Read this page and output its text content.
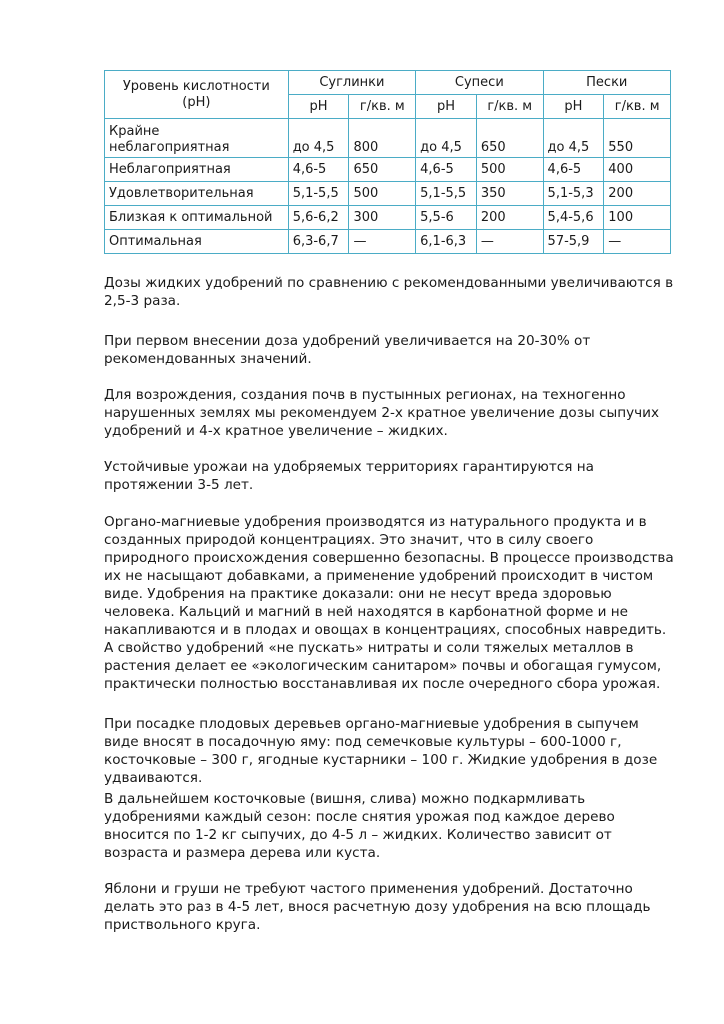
Уровень кислотности
(рН)	Суглинки		Супеси		Пески	
	рН	г/кв. м	рН	г/кв. м	рН	г/кв. м
Крайне
неблагоприятная	до 4,5	800	до 4,5	650	до 4,5	550
Неблагоприятная	4,6-5	650	4,6-5	500	4,6-5	400
Удовлетворительная	5,1-5,5	500	5,1-5,5	350	5,1-5,3	200
Близкая к оптимальной	5,6-6,2	300	5,5-6	200	5,4-5,6	100
Оптимальная	6,3-6,7	—	6,1-6,3	—	57-5,9	—

Дозы жидких удобрений по сравнению с рекомендованными увеличиваются в 2,5-3 раза.

При первом внесении доза удобрений увеличивается на 20-30% от рекомендованных значений.

Для возрождения, создания почв в пустынных регионах, на техногенно нарушенных землях мы рекомендуем 2-х кратное увеличение дозы сыпучих удобрений и 4-х кратное увеличение – жидких.

Устойчивые урожаи на удобряемых территориях гарантируются на протяжении 3-5 лет.

Органо-магниевые удобрения производятся из натурального продукта и в созданных природой концентрациях. Это значит, что в силу своего природного происхождения совершенно безопасны. В процессе производства их не насыщают добавками, а применение удобрений происходит в чистом виде. Удобрения на практике доказали: они не несут вреда здоровью человека. Кальций и магний в ней находятся в карбонатной форме и не накапливаются и в плодах и овощах в концентрациях, способных навредить. А свойство удобрений «не пускать» нитраты и соли тяжелых металлов в растения делает ее «экологическим санитаром» почвы и обогащая гумусом, практически полностью восстанавливая их после очередного сбора урожая.

При посадке плодовых деревьев органо-магниевые удобрения в сыпучем виде вносят в посадочную яму: под семечковые культуры – 600-1000 г, косточковые – 300 г, ягодные кустарники – 100 г. Жидкие удобрения в дозе удваиваются.

В дальнейшем косточковые (вишня, слива) можно подкармливать удобрениями каждый сезон: после снятия урожая под каждое дерево вносится по 1-2 кг сыпучих, до 4-5 л – жидких. Количество зависит от возраста и размера дерева или куста.

Яблони и груши не требуют частого применения удобрений. Достаточно делать это раз в 4-5 лет, внося расчетную дозу удобрения на всю площадь приствольного круга.
